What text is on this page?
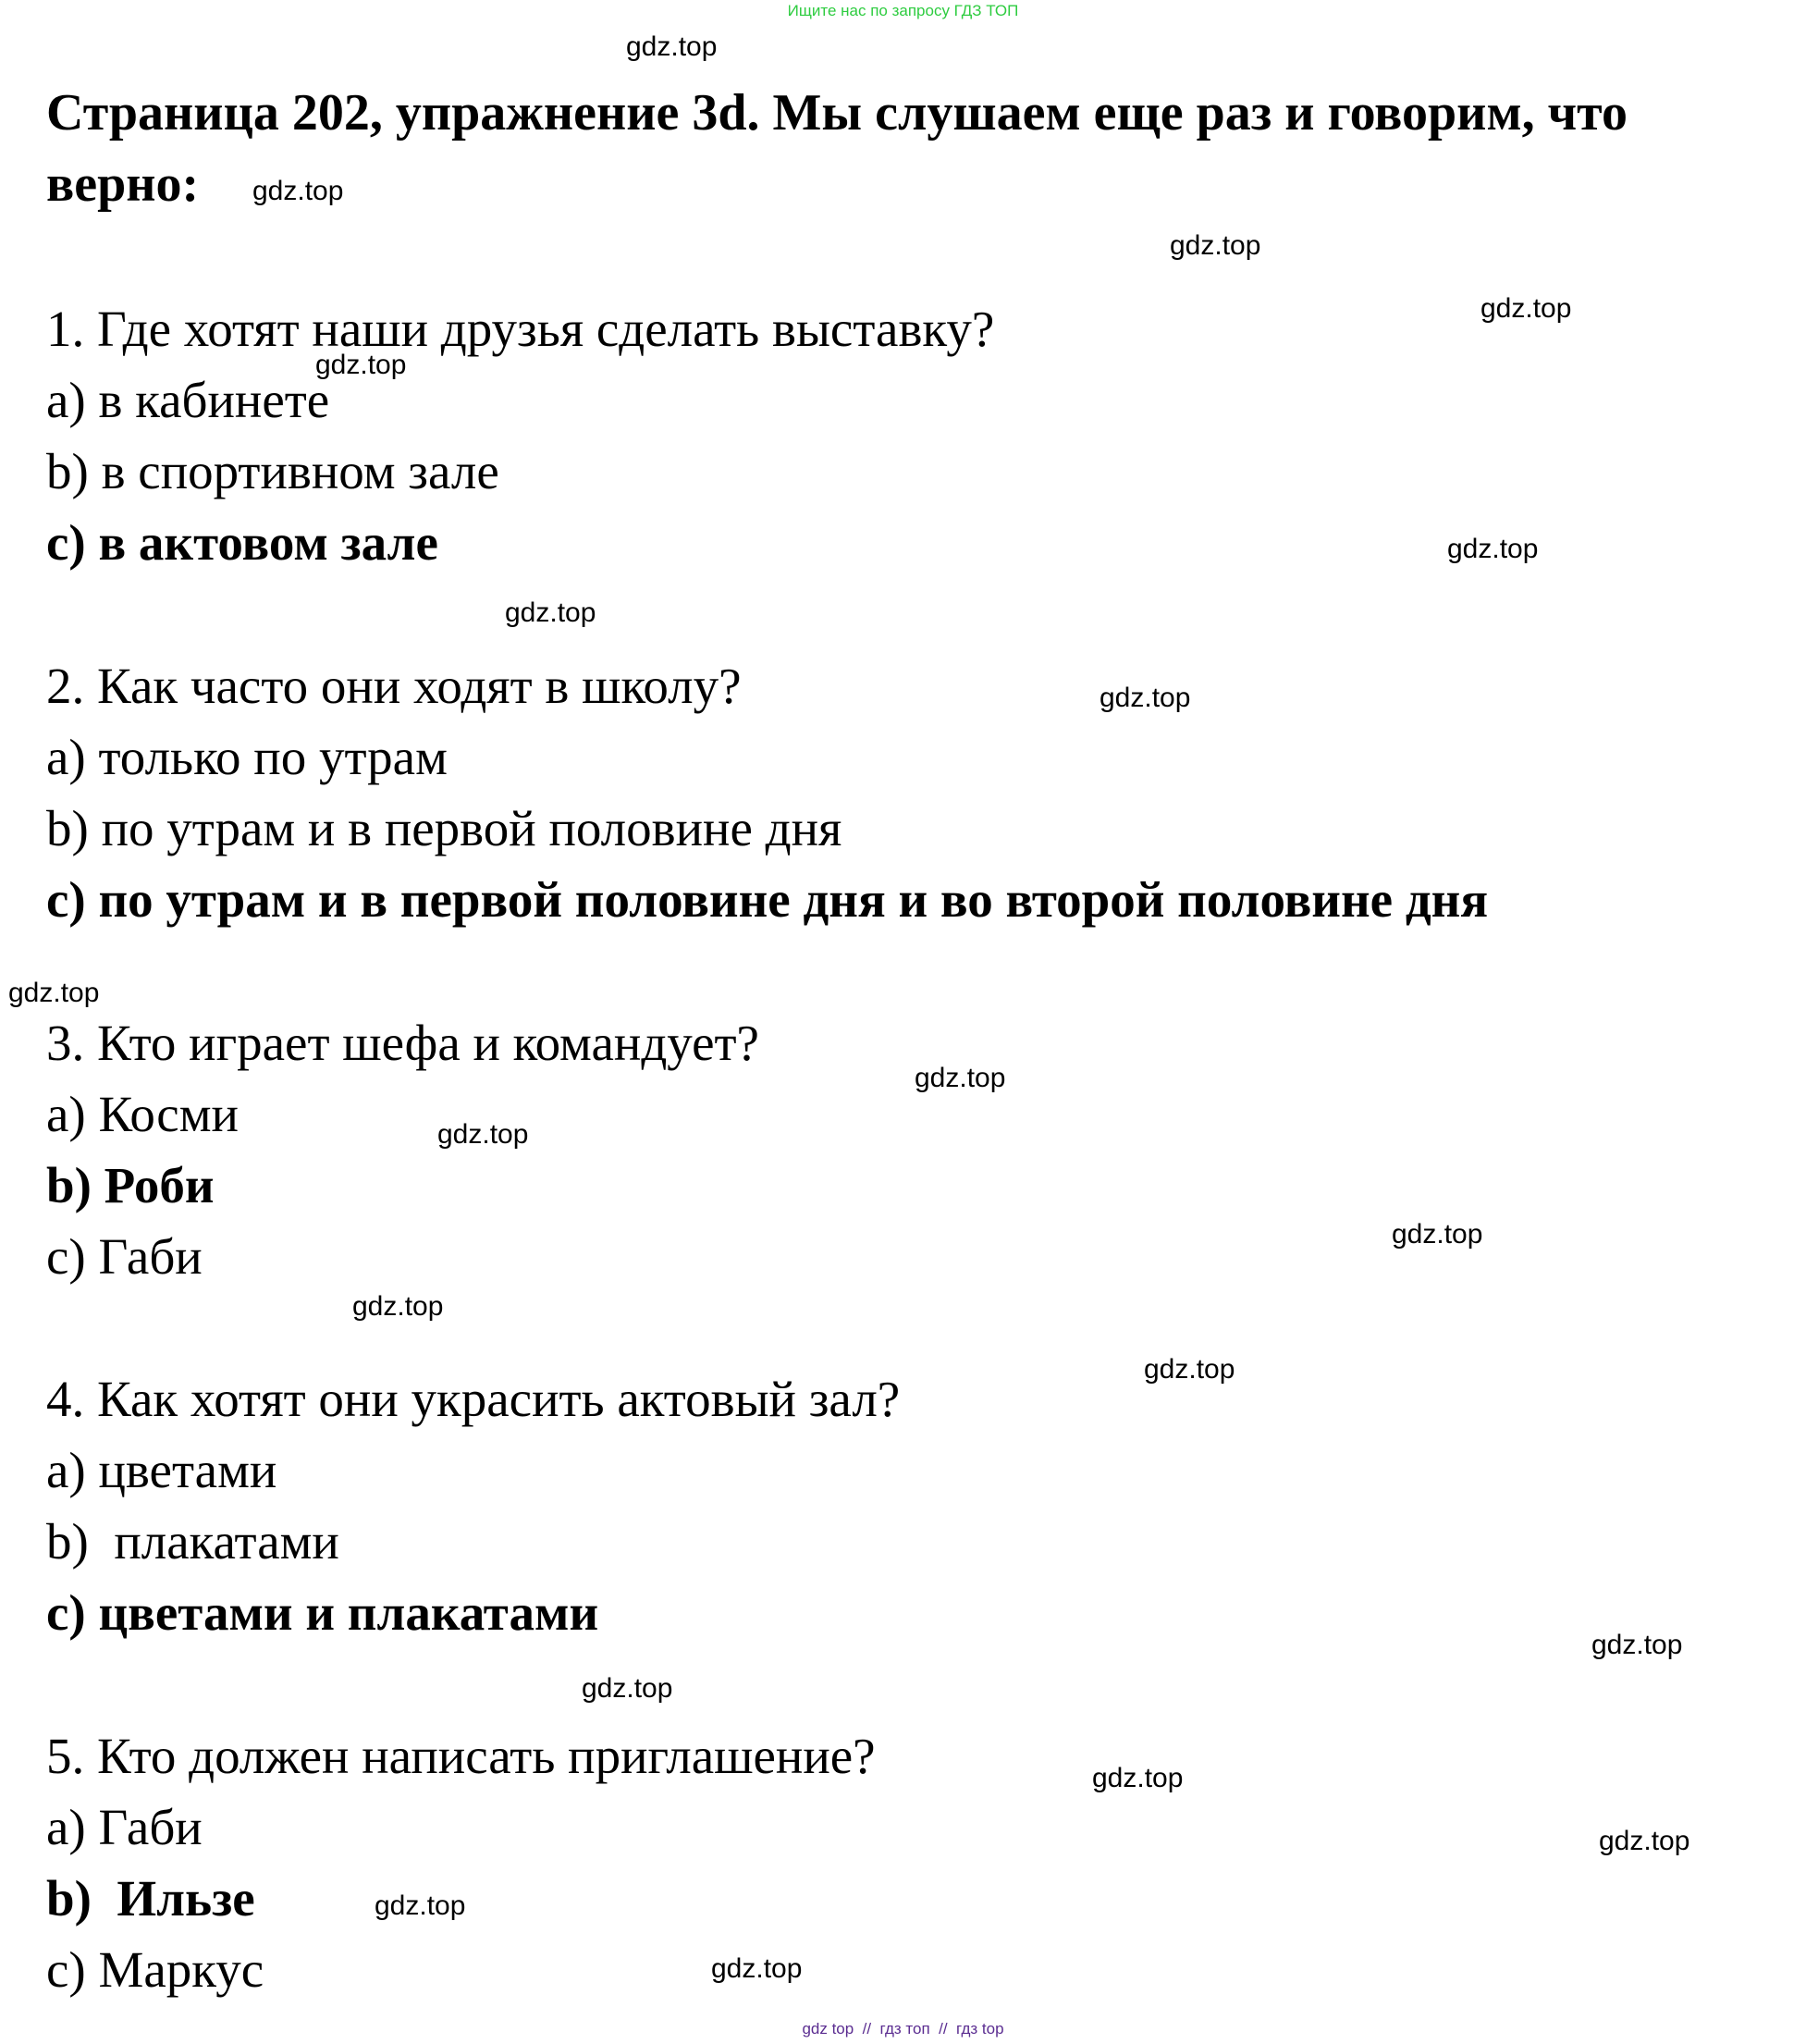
Ищите нас по запросу ГДЗ ТОП
gdz.top
gdz.top
gdz.top
gdz.top
gdz.top
gdz.top
gdz.top
gdz.top
gdz.top
gdz.top
gdz.top
gdz.top
gdz.top
gdz.top
gdz.top
gdz.top
gdz.top
gdz.top
gdz.top
gdz.top
Страница 202, упражнение 3d. Мы слушаем еще раз и говорим, что верно:
1. Где хотят наши друзья сделать выставку?
a) в кабинете
b) в спортивном зале
c) в актовом зале
2. Как часто они ходят в школу?
a) только по утрам
b) по утрам и в первой половине дня
c) по утрам и в первой половине дня и во второй половине дня
3. Кто играет шефа и командует?
a) Косми
b) Роби
c) Габи
4. Как хотят они украсить актовый зал?
a) цветами
b)  плакатами
c) цветами и плакатами
5. Кто должен написать приглашение?
a) Габи
b)  Ильзе
c) Маркус
gdz top  //  гдз топ  //  гдз top
